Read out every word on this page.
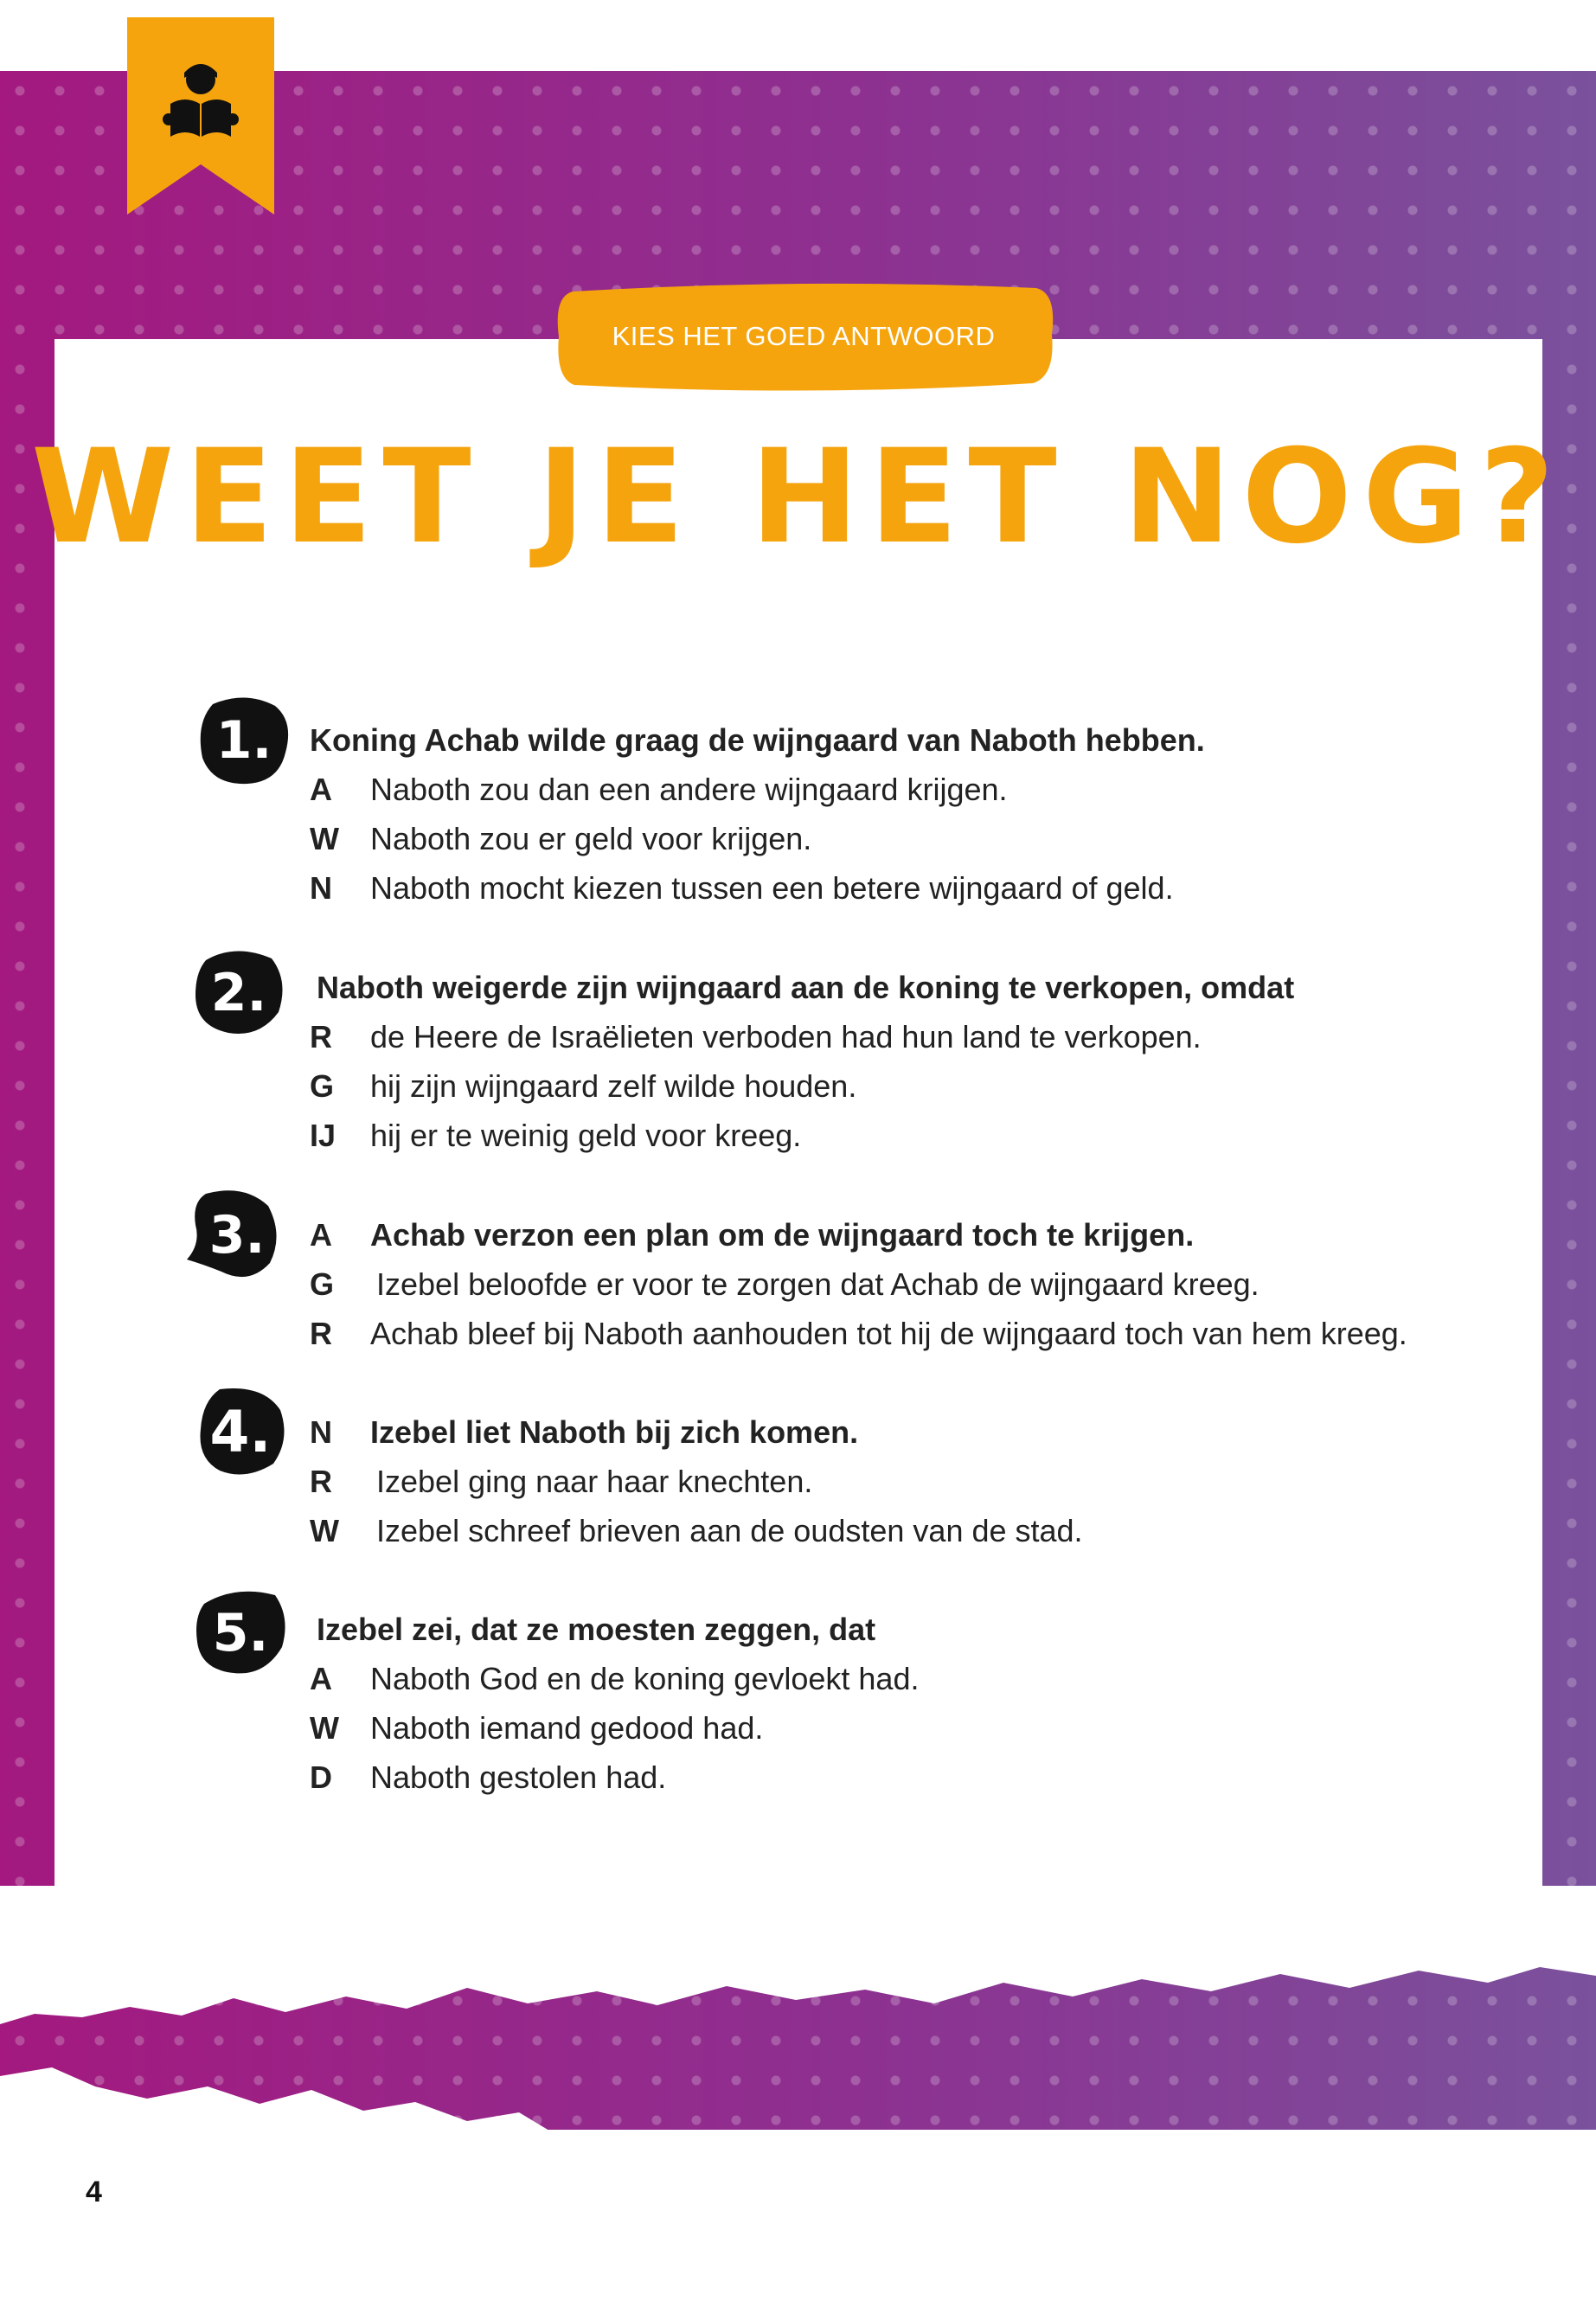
KIES HET GOED ANTWOORD
WEET JE HET NOG?
1. Koning Achab wilde graag de wijngaard van Naboth hebben.
A Naboth zou dan een andere wijngaard krijgen.
W Naboth zou er geld voor krijgen.
N Naboth mocht kiezen tussen een betere wijngaard of geld.
2. Naboth weigerde zijn wijngaard aan de koning te verkopen, omdat
R de Heere de Israëlieten verboden had hun land te verkopen.
G hij zijn wijngaard zelf wilde houden.
IJ hij er te weinig geld voor kreeg.
3. A Achab verzon een plan om de wijngaard toch te krijgen.
G Izebel beloofde er voor te zorgen dat Achab de wijngaard kreeg.
R Achab bleef bij Naboth aanhouden tot hij de wijngaard toch van hem kreeg.
4. N Izebel liet Naboth bij zich komen.
R Izebel ging naar haar knechten.
W Izebel schreef brieven aan de oudsten van de stad.
5. Izebel zei, dat ze moesten zeggen, dat
A Naboth God en de koning gevloekt had.
W Naboth iemand gedood had.
D Naboth gestolen had.
4
